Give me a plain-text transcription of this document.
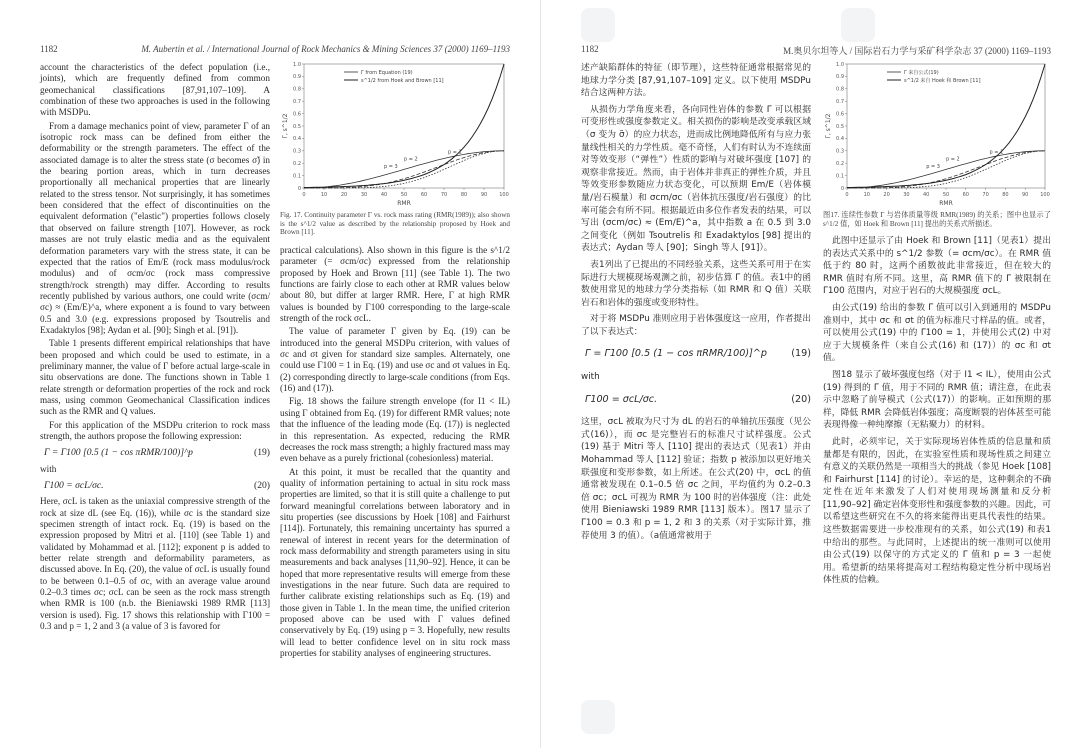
1182	M. Aubertin et al. / International Journal of Rock Mechanics & Mining Sciences 37 (2000) 1169–1193

account the characteristics of the defect population (i.e., joints), which are frequently defined from common geomechanical classifications [87,91,107–109]. A combination of these two approaches is used in the following with MSDPu.

From a damage mechanics point of view, parameter Γ of an isotropic rock mass can be defined from either the deformability or the strength parameters. The effect of the associated damage is to alter the stress state (σ becomes σ̃) in the bearing portion areas, which in turn decreases proportionally all mechanical properties that are linearly related to the stress tensor. Not surprisingly, it has sometimes been considered that the effect of discontinuities on the equivalent deformation ("elastic") properties follows closely that observed on failure strength [107]. However, as rock masses are not truly elastic media and as the equivalent deformation parameters vary with the stress state, it can be expected that the ratios of Em/E (rock mass modulus/rock modulus) and of σcm/σc (rock mass compressive strength/rock strength) may differ. According to results recently published by various authors, one could write (σcm/σc) ≈ (Em/E)^a, where exponent a is found to vary between 0.5 and 3.0 (e.g. expressions proposed by Tsoutrelis and Exadaktylos [98]; Aydan et al. [90]; Singh et al. [91]).

Table 1 presents different empirical relationships that have been proposed and which could be used to estimate, in a preliminary manner, the value of Γ before actual large-scale in situ observations are done. The functions shown in Table 1 relate strength or deformation properties of the rock and rock mass, using common Geomechanical Classification indices such as the RMR and Q values.

For this application of the MSDPu criterion to rock mass strength, the authors propose the following expression:

Γ = Γ100 [0.5 (1 − cos πRMR/100)]^p	(19)

with

Γ100 = σcL/σc.	(20)

Here, σcL is taken as the uniaxial compressive strength of the rock at size dL (see Eq. (16)), while σc is the standard size specimen strength of intact rock. Eq. (19) is based on the expression proposed by Mitri et al. [110] (see Table 1) and validated by Mohammad et al. [112]; exponent p is added to better relate strength and deformability parameters, as discussed above. In Eq. (20), the value of σcL is usually found to be between 0.1–0.5 of σc, with an average value around 0.2–0.3 times σc; σcL can be seen as the rock mass strength when RMR is 100 (n.b. the Bieniawski 1989 RMR [113] version is used). Fig. 17 shows this relationship with Γ100 = 0.3 and p = 1, 2 and 3 (a value of 3 is favored for

0	10	20	30	40	50	60	70	80	90 100
0
0.1
0.2
0.3
0.4
0.5
0.6
0.7
0.8
0.9
1.0
RMR
Γ, s^1/2
Γ from Equation (19)
s^1/2 from Hoek and Brown [11]
p = 1
p = 2
p = 3
Fig. 17. Continuity parameter Γ vs. rock mass rating (RMR(1989)); also shown is the s^1/2 value as described by the relationship proposed by Hoek and Brown [11].

practical calculations). Also shown in this figure is the s^1/2 parameter (= σcm/σc) expressed from the relationship proposed by Hoek and Brown [11] (see Table 1). The two functions are fairly close to each other at RMR values below about 80, but differ at larger RMR. Here, Γ at high RMR values is bounded by Γ100 corresponding to the large-scale strength of the rock σcL.

The value of parameter Γ given by Eq. (19) can be introduced into the general MSDPu criterion, with values of σc and σt given for standard size samples. Alternately, one could use Γ100 = 1 in Eq. (19) and use σc and σt values in Eq. (2) corresponding directly to large-scale conditions (from Eqs. (16) and (17)).

Fig. 18 shows the failure strength envelope (for I1 < IL) using Γ obtained from Eq. (19) for different RMR values; note that the influence of the leading mode (Eq. (17)) is neglected in this representation. As expected, reducing the RMR decreases the rock mass strength; a highly fractured mass may even behave as a purely frictional (cohesionless) material.

At this point, it must be recalled that the quantity and quality of information pertaining to actual in situ rock mass properties are limited, so that it is still quite a challenge to put forward meaningful correlations between laboratory and in situ properties (see discussions by Hoek [108] and Fairhurst [114]). Fortunately, this remaining uncertainty has spurred a renewal of interest in recent years for the determination of rock mass deformability and strength parameters using in situ measurements and back analyses [11,90–92]. Hence, it can be hoped that more representative results will emerge from these investigations in the near future. Such data are required to further calibrate existing relationships such as Eq. (19) and those given in Table 1. In the mean time, the unified criterion proposed above can be used with Γ values defined conservatively by Eq. (19) using p = 3. Hopefully, new results will lead to better confidence level on in situ rock mass properties for stability analyses of engineering structures.

1182	M.奥贝尔坦等人 / 国际岩石力学与采矿科学杂志 37 (2000) 1169–1193

述产缺陷群体的特征（即节理），这些特征通常根据常见的地球力学分类 [87,91,107–109] 定义。以下使用 MSDPu 结合这两种方法。

从损伤力学角度来看，各向同性岩体的参数 Γ 可以根据可变形性或强度参数定义。相关损伤的影响是改变承载区域（σ 变为 σ̃）的应力状态，进而成比例地降低所有与应力张量线性相关的力学性质。毫不奇怪，人们有时认为不连续面对等效变形（“弹性”）性质的影响与对破坏强度 [107] 的观察非常接近。然而，由于岩体并非真正的弹性介质，并且等效变形参数随应力状态变化，可以预期 Em/E（岩体模量/岩石模量）和 σcm/σc（岩体抗压强度/岩石强度）的比率可能会有所不同。根据最近由多位作者发表的结果，可以写出 (σcm/σc) ≈ (Em/E)^a，其中指数 a 在 0.5 到 3.0 之间变化（例如 Tsoutrelis 和 Exadaktylos [98] 提出的表达式；Aydan 等人 [90]；Singh 等人 [91]）。

表1列出了已提出的不同经验关系，这些关系可用于在实际进行大规模现场观测之前，初步估算 Γ 的值。表1中的函数使用常见的地球力学分类指标（如 RMR 和 Q 值）关联岩石和岩体的强度或变形特性。

对于将 MSDPu 准则应用于岩体强度这一应用，作者提出了以下表达式：

Γ = Γ100 [0.5 (1 − cos πRMR/100)]^p	(19)

with

Γ100 = σcL/σc.	(20)

这里，σcL 被取为尺寸为 dL 的岩石的单轴抗压强度（见公式(16)），而 σc 是完整岩石的标准尺寸试样强度。公式(19) 基于 Mitri 等人 [110] 提出的表达式（见表1）并由 Mohammad 等人 [112] 验证；指数 p 被添加以更好地关联强度和变形参数，如上所述。在公式(20) 中，σcL 的值通常被发现在 0.1–0.5 倍 σc 之间，平均值约为 0.2–0.3 倍 σc；σcL 可视为 RMR 为 100 时的岩体强度（注：此处使用 Bieniawski 1989 RMR [113] 版本）。图17 显示了 Γ100 = 0.3 和 p = 1, 2 和 3 的关系（对于实际计算，推荐使用 3 的值）。（a值通常被用于

0	10	20	30	40	50	60	70	80	90 100
0
0.1
0.2
0.3
0.4
0.5
0.6
0.7
0.8
0.9
1.0
RMR
Γ, s^1/2
Γ 来自公式(19)
s^1/2 来自 Hoek 和 Brown [11]
p = 1
p = 2
p = 3
图17. 连续性参数 Γ 与岩体质量等级 RMR(1989) 的关系；图中也显示了 s^1/2 值，如 Hoek 和 Brown [11] 提出的关系式所描述。

此图中还显示了由 Hoek 和 Brown [11]（见表1）提出的表达式关系中的 s^1/2 参数（= σcm/σc）。在 RMR 值低于约 80 时，这两个函数彼此非常接近，但在较大的 RMR 值时有所不同。这里，高 RMR 值下的 Γ 被限制在 Γ100 范围内，对应于岩石的大规模强度 σcL。

由公式(19) 给出的参数 Γ 值可以引入到通用的 MSDPu 准则中，其中 σc 和 σt 的值为标准尺寸样品的值。或者，可以使用公式(19) 中的 Γ100 = 1，并使用公式(2) 中对应于大规模条件（来自公式(16) 和 (17)）的 σc 和 σt 值。

图18 显示了破坏强度包络（对于 I1 < IL），使用由公式(19) 得到的 Γ 值，用于不同的 RMR 值；请注意，在此表示中忽略了前导模式（公式(17)）的影响。正如预期的那样，降低 RMR 会降低岩体强度；高度断裂的岩体甚至可能表现得像一种纯摩擦（无粘聚力）的材料。

此时，必须牢记，关于实际现场岩体性质的信息量和质量都是有限的，因此，在实验室性质和现场性质之间建立有意义的关联仍然是一项相当大的挑战（参见 Hoek [108] 和 Fairhurst [114] 的讨论）。幸运的是，这种剩余的不确定性在近年来激发了人们对使用现场测量和反分析 [11,90–92] 确定岩体变形性和强度参数的兴趣。因此，可以希望这些研究在不久的将来能得出更具代表性的结果。这些数据需要进一步校准现有的关系，如公式(19) 和表1 中给出的那些。与此同时，上述提出的统一准则可以使用由公式(19) 以保守的方式定义的 Γ 值和 p = 3 一起使用。希望新的结果将提高对工程结构稳定性分析中现场岩体性质的信赖。
